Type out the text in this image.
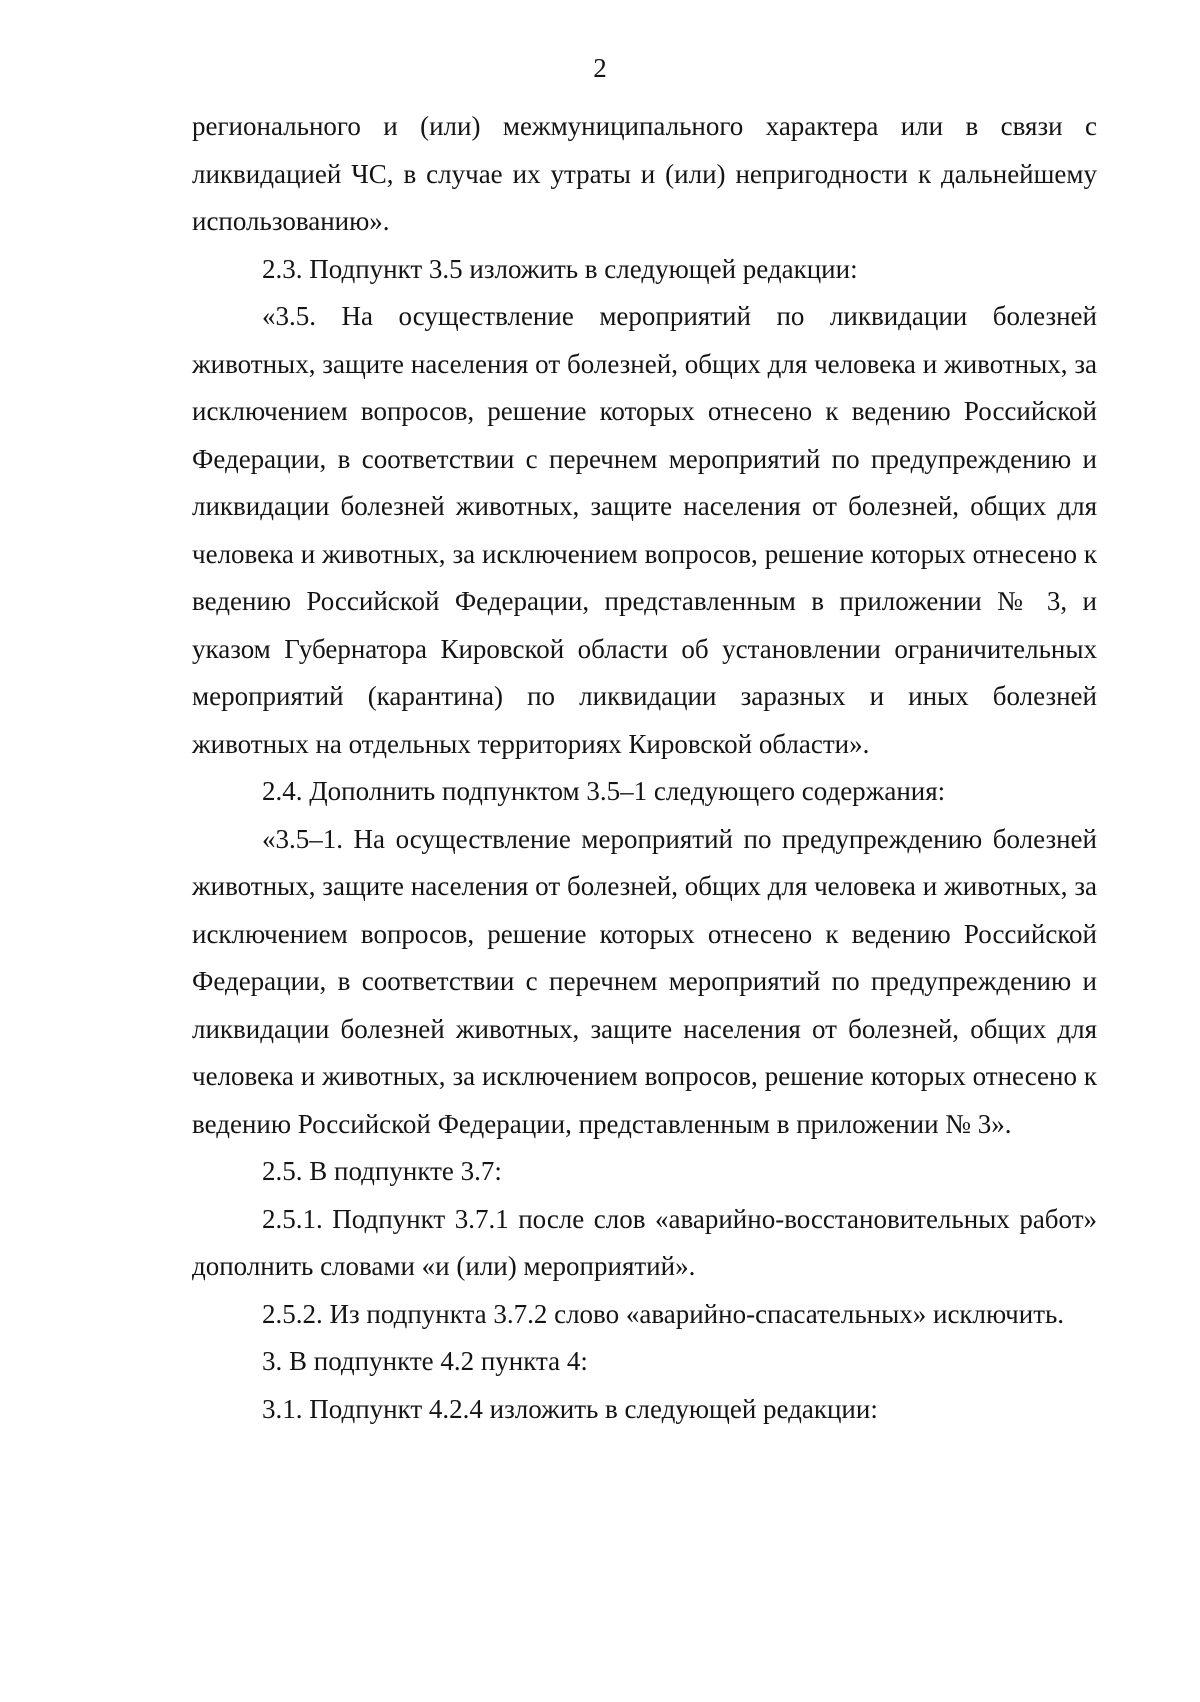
2

регионального и (или) межмуниципального характера или в связи с ликвидацией ЧС, в случае их утраты и (или) непригодности к дальнейшему использованию».

2.3. Подпункт 3.5 изложить в следующей редакции:

«3.5. На осуществление мероприятий по ликвидации болезней животных, защите населения от болезней, общих для человека и животных, за исключением вопросов, решение которых отнесено к ведению Российской Федерации, в соответствии с перечнем мероприятий по предупреждению и ликвидации болезней животных, защите населения от болезней, общих для человека и животных, за исключением вопросов, решение которых отнесено к ведению Российской Федерации, представленным в приложении № 3, и указом Губернатора Кировской области об установлении ограничительных мероприятий (карантина) по ликвидации заразных и иных болезней животных на отдельных территориях Кировской области».

2.4. Дополнить подпунктом 3.5–1 следующего содержания:

«3.5–1. На осуществление мероприятий по предупреждению болезней животных, защите населения от болезней, общих для человека и животных, за исключением вопросов, решение которых отнесено к ведению Российской Федерации, в соответствии с перечнем мероприятий по предупреждению и ликвидации болезней животных, защите населения от болезней, общих для человека и животных, за исключением вопросов, решение которых отнесено к ведению Российской Федерации, представленным в приложении № 3».

2.5. В подпункте 3.7:

2.5.1. Подпункт 3.7.1 после слов «аварийно-восстановительных работ» дополнить словами «и (или) мероприятий».

2.5.2. Из подпункта 3.7.2 слово «аварийно-спасательных» исключить.

3. В подпункте 4.2 пункта 4:

3.1. Подпункт 4.2.4 изложить в следующей редакции:
